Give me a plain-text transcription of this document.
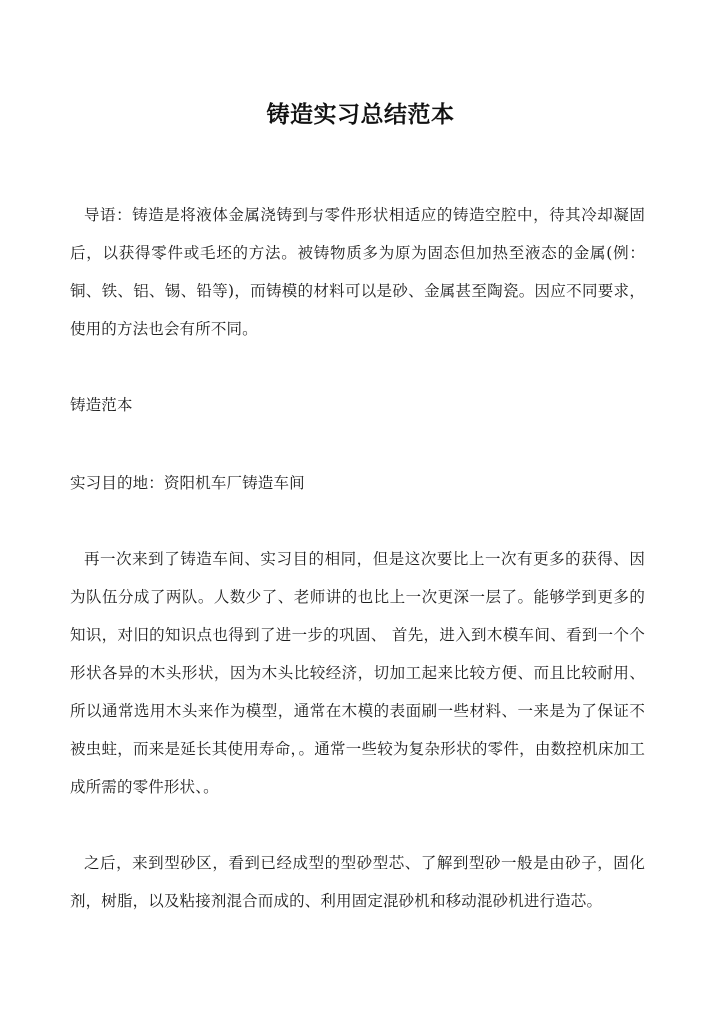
铸造实习总结范本

导语：铸造是将液体金属浇铸到与零件形状相适应的铸造空腔中，待其冷却凝固后，以获得零件或毛坯的方法。被铸物质多为原为固态但加热至液态的金属(例：铜、铁、铝、锡、铅等)，而铸模的材料可以是砂、金属甚至陶瓷。因应不同要求，使用的方法也会有所不同。

铸造范本

实习目的地：资阳机车厂铸造车间

再一次来到了铸造车间、实习目的相同，但是这次要比上一次有更多的获得、因为队伍分成了两队。人数少了、老师讲的也比上一次更深一层了。能够学到更多的知识，对旧的知识点也得到了进一步的巩固、 首先，进入到木模车间、看到一个个形状各异的木头形状，因为木头比较经济，切加工起来比较方便、而且比较耐用、所以通常选用木头来作为模型，通常在木模的表面刷一些材料、一来是为了保证不被虫蛀，而来是延长其使用寿命，。通常一些较为复杂形状的零件，由数控机床加工成所需的零件形状、。

之后，来到型砂区，看到已经成型的型砂型芯、了解到型砂一般是由砂子，固化剂，树脂，以及粘接剂混合而成的、利用固定混砂机和移动混砂机进行造芯。
